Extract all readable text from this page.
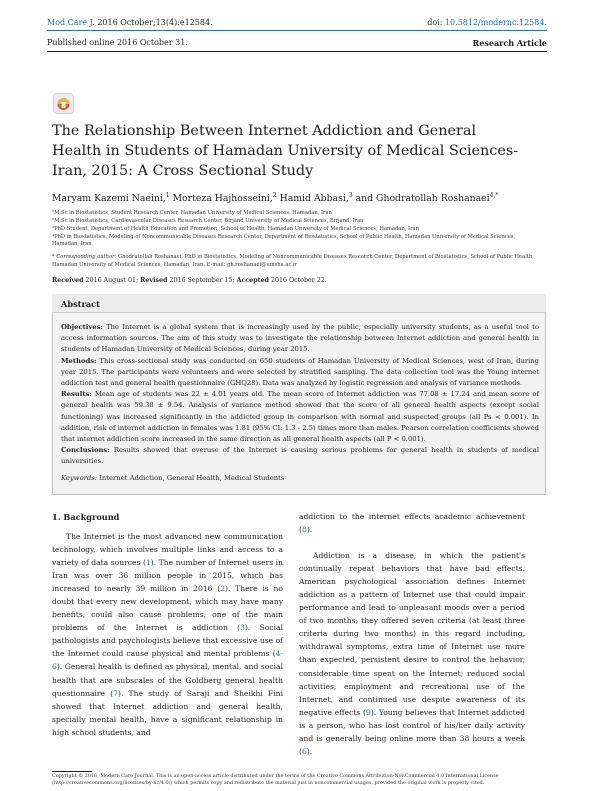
Mod Care J. 2016 October;13(4):e12584.	doi: 10.5812/modernc.12584.
Published online 2016 October 31.	Research Article
The Relationship Between Internet Addiction and General Health in Students of Hamadan University of Medical Sciences-Iran, 2015: A Cross Sectional Study
Maryam Kazemi Naeini,$^1$ Morteza Hajhosseini,$^2$ Hamid Abbasi,$^3$ and Ghodratollah Roshanaei$^{4,*}$
¹M.Sc in Biostatistics, Student Research Center, Hamadan University of Medical Sciences, Hamadan, Iran
²M.Sc in Biostatistics, Cardiovascular Diseases Research Center, Birjand University of Medical Sciences, Birjand, Iran
³PhD Student, Department of Health Education and Promotion, School of Health, Hamadan University of Medical Sciences, Hamadan, Iran
⁴PhD in Biostatistics, Modeling of Noncommunicable Diseases Research Center, Department of Biostatistics, School of Public Health, Hamadan University of Medical Sciences, Hamadan, Iran
* Corresponding author: Ghodratollah Roshanaei, PhD in Biostatistics, Modeling of Noncommunicable Diseases Research Center, Department of Biostatistics, School of Public Health, Hamadan University of Medical Sciences, Hamadan, Iran. E-mail: gh.roshanaei@umsha.ac.ir
Received 2016 August 01; Revised 2016 September 15; Accepted 2016 October 22.
Abstract

Objectives: The Internet is a global system that is increasingly used by the public, especially university students, as a useful tool to access information sources. The aim of this study was to investigate the relationship between Internet addiction and general health in students of Hamadan University of Medical Sciences, during year 2015.

Methods: This cross-sectional study was conducted on 650 students of Hamadan University of Medical Sciences, west of Iran, during year 2015. The participants were volunteers and were selected by stratified sampling. The data collection tool was the Young internet addiction test and general health questionnaire (GHQ28). Data was analyzed by logistic regression and analysis of variance methods.

Results: Mean age of students was 22 ± 4.01 years old. The mean score of Internet addiction was 77.08 ± 17.24 and mean score of general health was 59.38 ± 9.54. Analysis of variance method showed that the score of all general health aspects (except social functioning) was increased significantly in the addicted group in comparison with normal and suspected groups (all Ps < 0.001). In addition, risk of internet addiction in females was 1.81 (95% CI: 1.3 - 2.5) times more than males. Pearson correlation coefficients showed that internet addiction score increased in the same direction as all general health aspects (all P < 0.001).

Conclusions: Results showed that overuse of the Internet is causing serious problems for general health in students of medical universities.

Keywords: Internet Addiction, General Health, Medical Students
1. Background

The Internet is the most advanced new communication technology, which involves multiple links and access to a variety of data sources (1). The number of Internet users in Iran was over 36 million people in 2015, which has increased to nearly 39 million in 2016 (2). There is no doubt that every new development, which may have many benefits, could also cause problems; one of the main problems of the Internet is addiction (3). Social pathologists and psychologists believe that excessive use of the Internet could cause physical and mental problems (4-6). General health is defined as physical, mental, and social health that are subscales of the Goldberg general health questionnaire (7). The study of Saraji and Sheikhi Fini showed that Internet addiction and general health, specially mental health, have a significant relationship in high school students, and

addiction to the internet effects academic achievement (8).

Addiction is a disease, in which the patient's continually repeat behaviors that have bad effects. American psychological association defines Internet addiction as a pattern of Internet use that could impair performance and lead to unpleasant moods over a period of two months; they offered seven criteria (at least three criteria during two months) in this regard including, withdrawal symptoms, extra time of Internet use more than expected, persistent desire to control the behavior, considerable time spent on the Internet; reduced social activities, employment and recreational use of the Internet, and continued use despite awareness of its negative effects (9). Young believes that Internet addicted is a person, who has lost control of his/her daily activity and is generally being online more than 38 hours a week (6).

Copyright © 2016, Modern Care Journal. This is an open-access article distributed under the terms of the Creative Commons Attribution-NonCommercial 4.0 International License (http://creativecommons.org/licenses/by-nc/4.0/) which permits copy and redistribute the material just in noncommercial usages, provided the original work is properly cited.
